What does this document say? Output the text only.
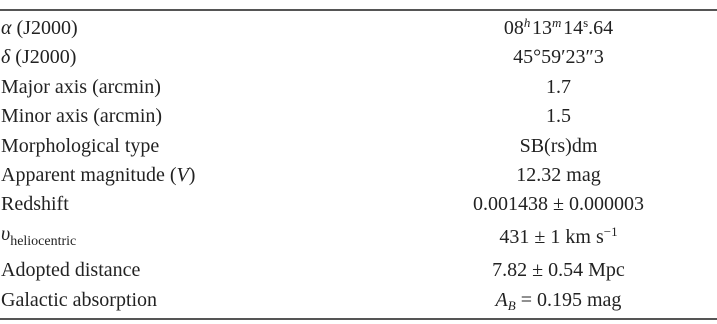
α (J2000)	08$^h$ 13$^m$ 14$^s$.64
δ (J2000)	45°59′23″3
Major axis (arcmin)	1.7
Minor axis (arcmin)	1.5
Morphological type	SB(rs)dm
Apparent magnitude (V)	12.32 mag
Redshift	0.001438 ± 0.000003
$\upsilon_{heliocentric}$	431 ± 1 km $s^{-1}$
Adopted distance	7.82 ± 0.54 Mpc
Galactic absorption	$A_B = 0.195$ mag
